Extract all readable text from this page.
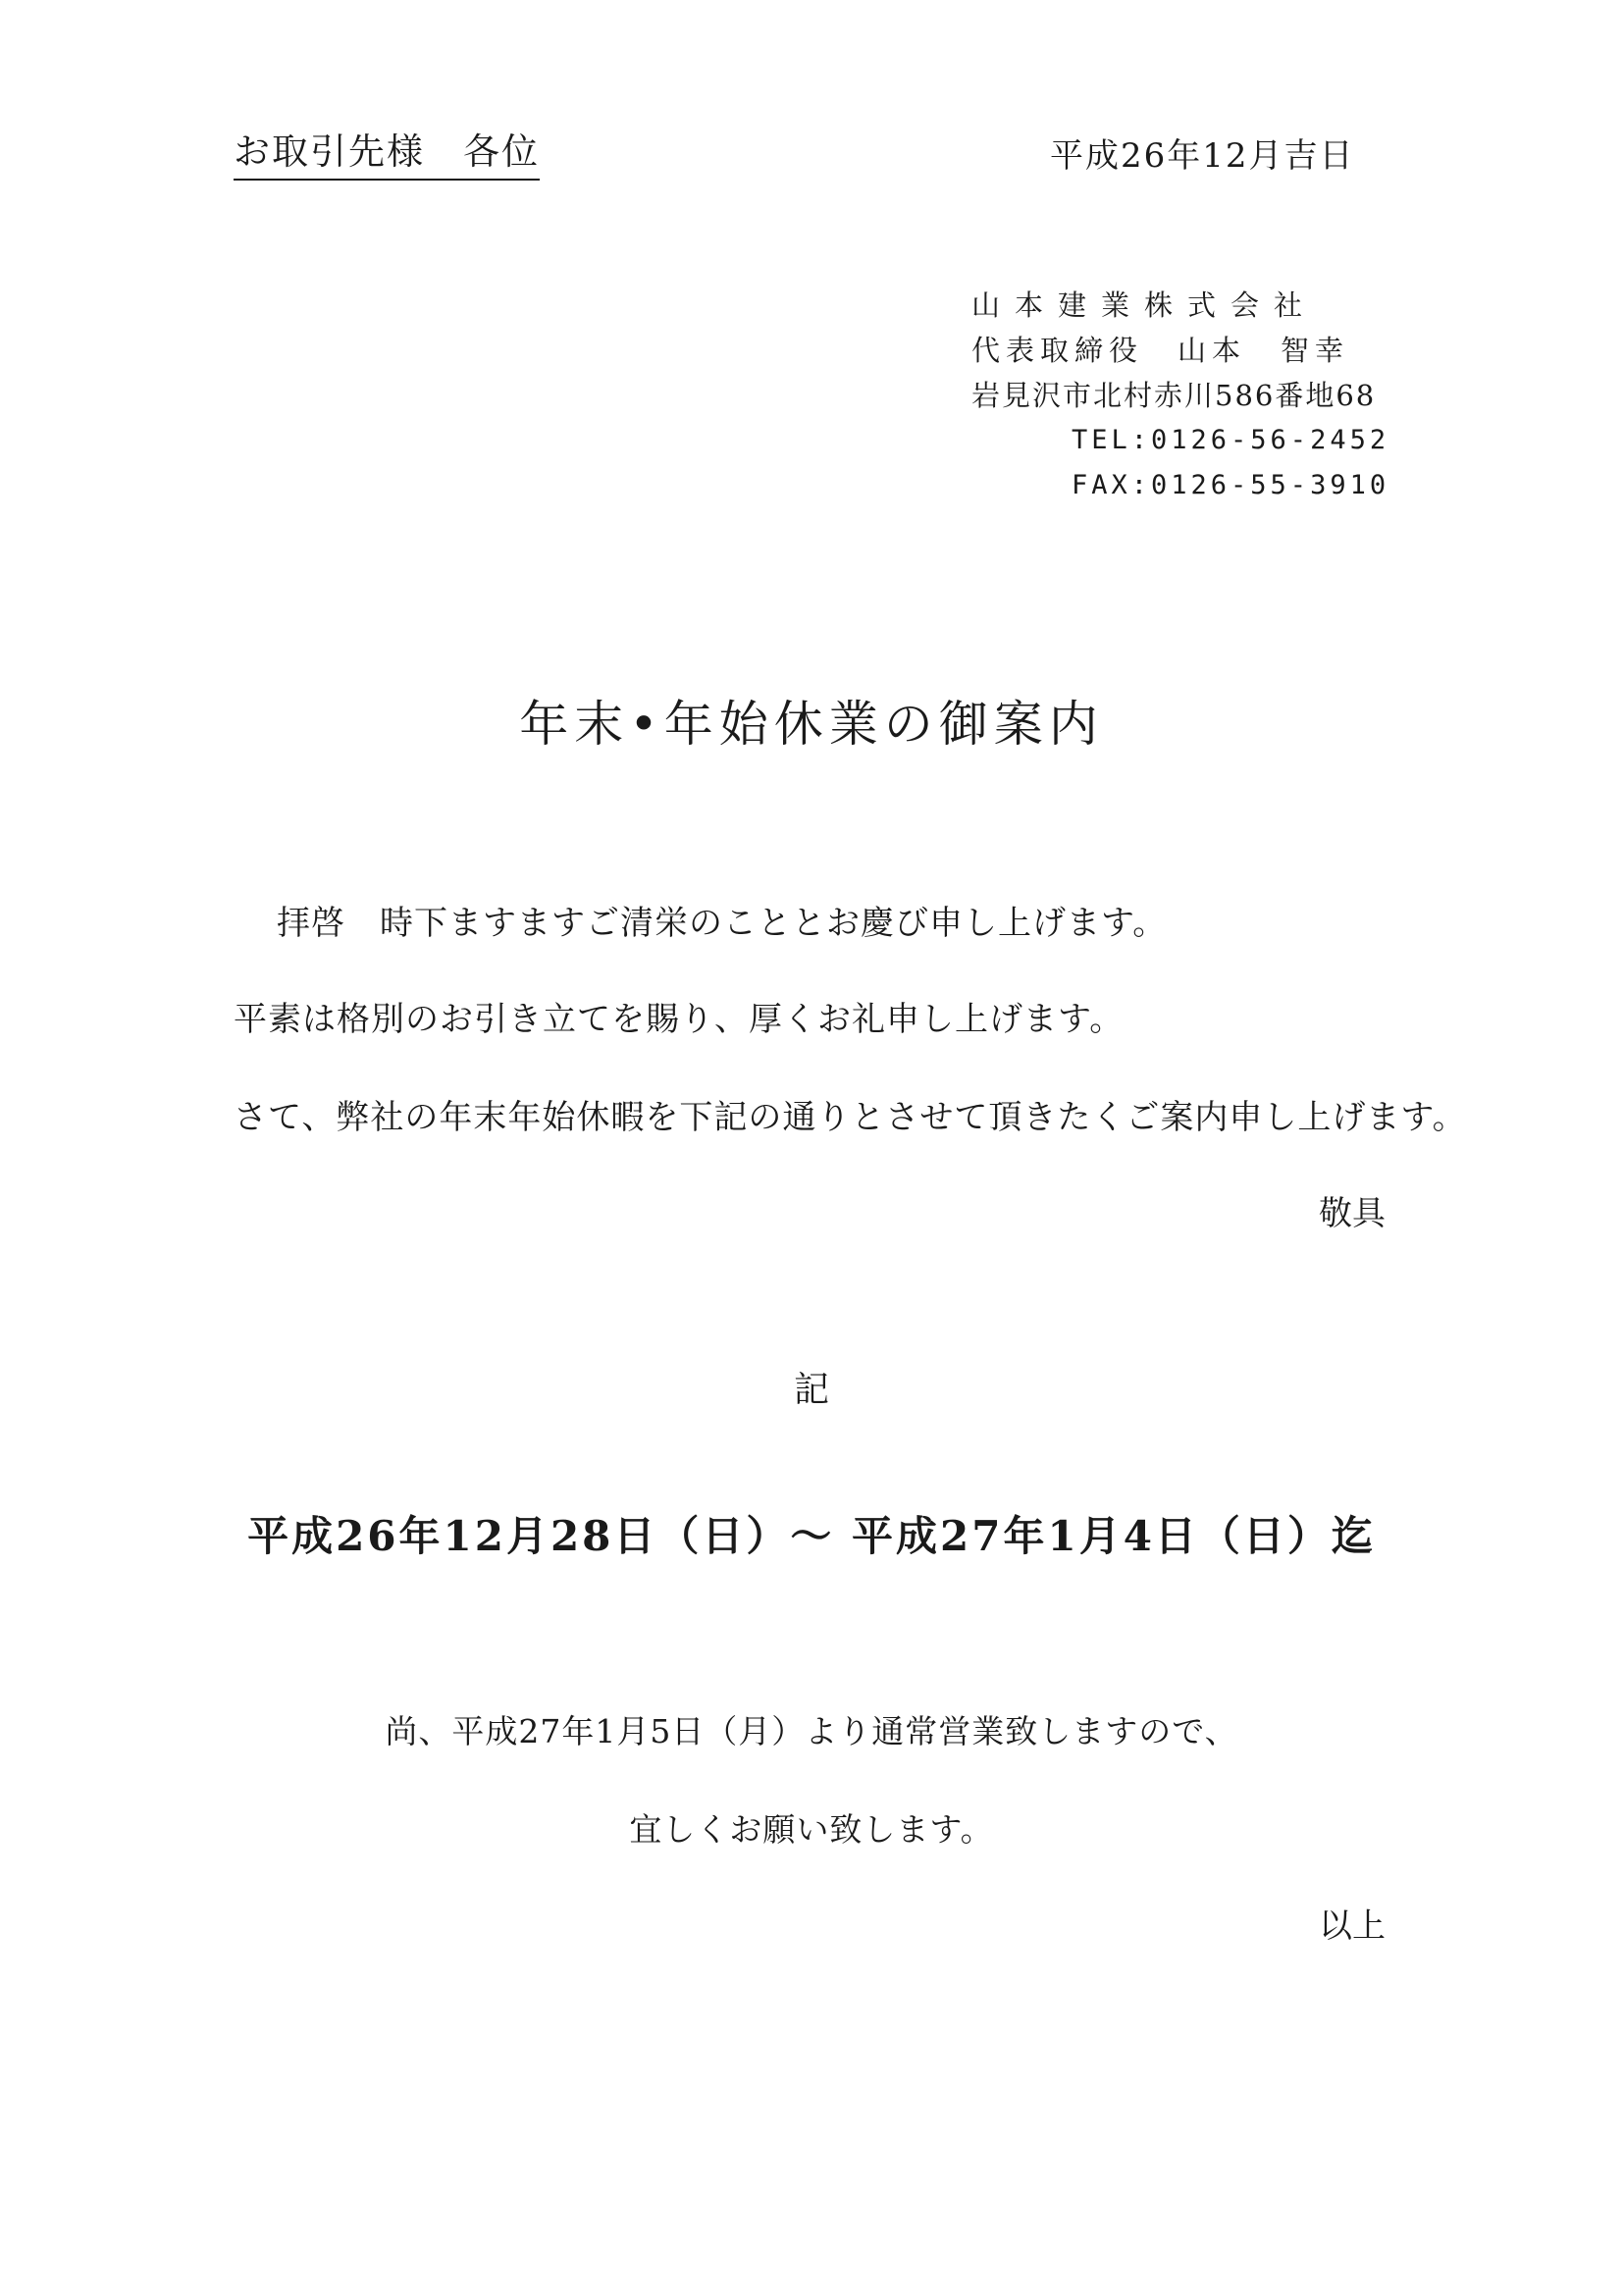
お取引先様　各位	平成26年12月吉日
山本建業株式会社
代表取締役　山本　智幸
岩見沢市北村赤川586番地68
TEL:0126-56-2452
FAX:0126-55-3910
年末•年始休業の御案内
拝啓　時下ますますご清栄のこととお慶び申し上げます。
平素は格別のお引き立てを賜り、厚くお礼申し上げます。
さて、弊社の年末年始休暇を下記の通りとさせて頂きたくご案内申し上げます。
敬具
記
平成26年12月28日（日）～ 平成27年1月4日（日）迄
尚、平成27年1月5日（月）より通常営業致しますので、
宜しくお願い致します。
以上
